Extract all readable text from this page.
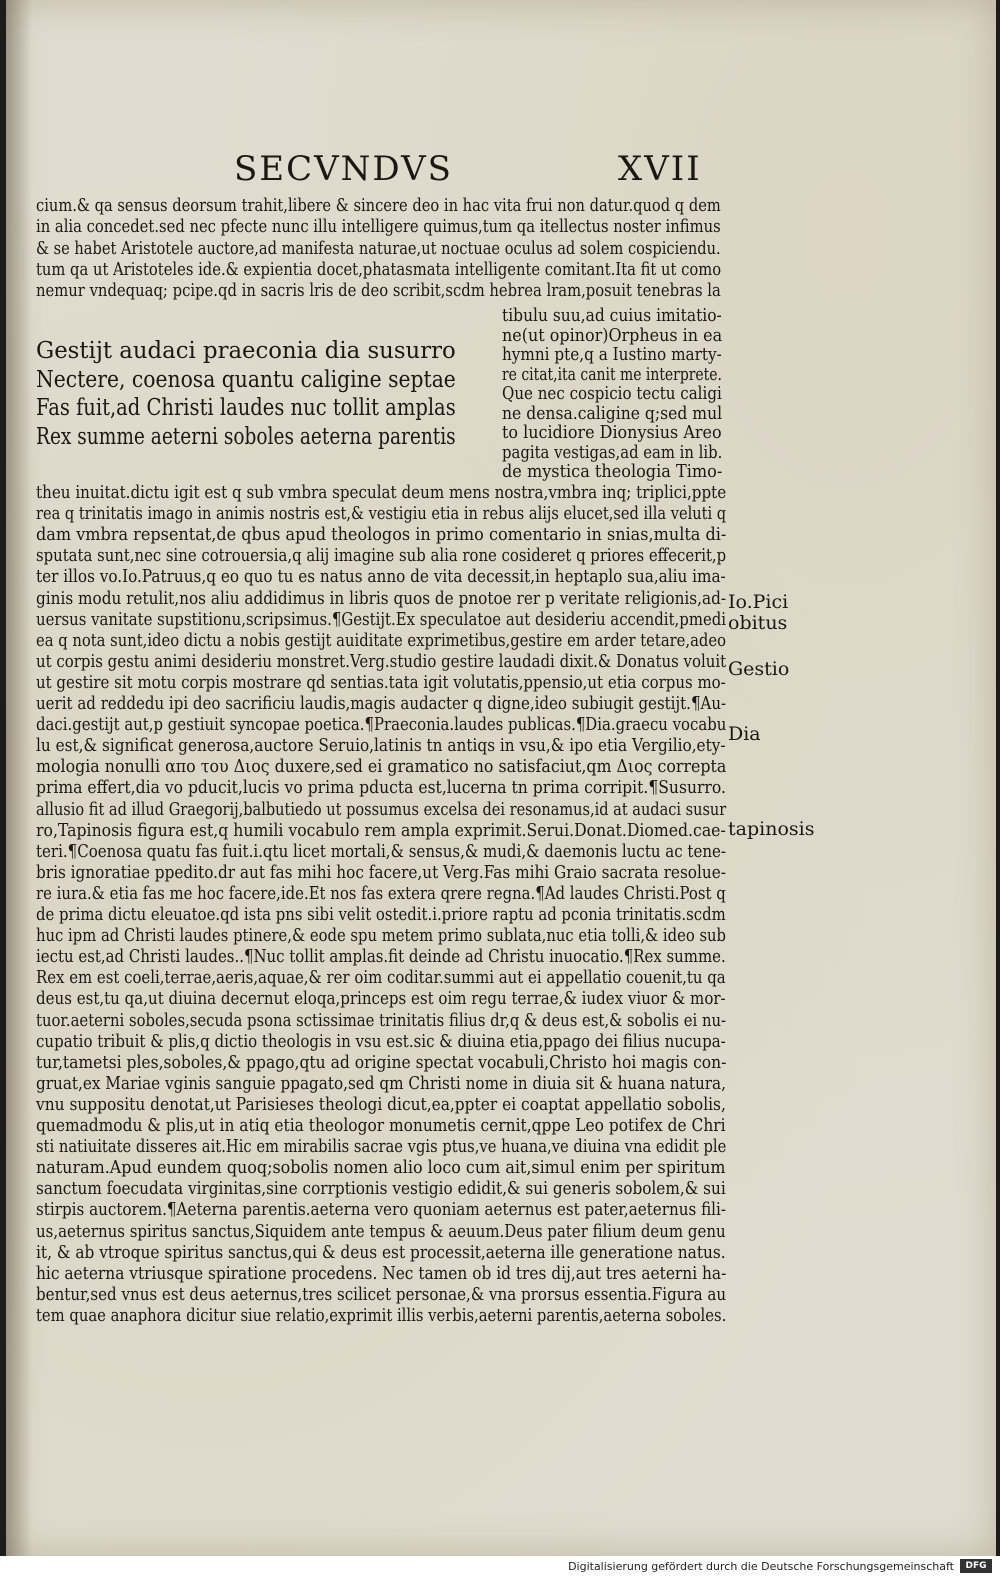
SECVNDVS	XVII
cium.& qa sensus deorsum trahit,libere & sincere deo in hac vita frui non datur.quod q dem
in alia concedet.sed nec pfecte nunc illu intelligere quimus,tum qa itellectus noster infimus
& se habet Aristotele auctore,ad manifesta naturae,ut noctuae oculus ad solem cospiciendu.
tum qa ut Aristoteles ide.& expientia docet,phatasmata intelligente comitant.Ita fit ut como
nemur vndequaq; pcipe.qd in sacris lris de deo scribit,scdm hebrea lram,posuit tenebras la
Gestijt audaci praeconia dia susurro
Nectere, coenosa quantu caligine septae
Fas fuit,ad Christi laudes nuc tollit amplas
Rex summe aeterni soboles aeterna parentis
tibulu suu,ad cuius imitatio-
ne(ut opinor)Orpheus in ea
hymni pte,q a Iustino marty-
re citat,ita canit me interprete.
Que nec cospicio tectu caligi
ne densa.caligine q;sed mul
to lucidiore Dionysius Areo
pagita vestigas,ad eam in lib.
de mystica theologia Timo-
theu inuitat.dictu igit est q sub vmbra speculat deum mens nostra,vmbra inq; triplici,ppte
rea q trinitatis imago in animis nostris est,& vestigiu etia in rebus alijs elucet,sed illa veluti q
dam vmbra repsentat,de qbus apud theologos in primo comentario in snias,multa di-
sputata sunt,nec sine cotrouersia,q alij imagine sub alia rone cosideret q priores effecerit,p
ter illos vo.Io.Patruus,q eo quo tu es natus anno de vita decessit,in heptaplo sua,aliu ima-
ginis modu retulit,nos aliu addidimus in libris quos de pnotoe rer p veritate religionis,ad-
uersus vanitate supstitionu,scripsimus.¶Gestijt.Ex speculatoe aut desideriu accendit,pmedi
ea q nota sunt,ideo dictu a nobis gestijt auiditate exprimetibus,gestire em arder tetare,adeo
ut corpis gestu animi desideriu monstret.Verg.studio gestire laudadi dixit.& Donatus voluit
ut gestire sit motu corpis mostrare qd sentias.tata igit volutatis,ppensio,ut etia corpus mo-
uerit ad reddedu ipi deo sacrificiu laudis,magis audacter q digne,ideo subiugit gestijt.¶Au-
daci.gestijt aut,p gestiuit syncopae poetica.¶Praeconia.laudes publicas.¶Dia.graecu vocabu
lu est,& significat generosa,auctore Seruio,latinis tn antiqs in vsu,& ipo etia Vergilio,ety-
mologia nonulli απο του Διος duxere,sed ei gramatico no satisfaciut,qm Διος correpta
prima effert,dia vo pducit,lucis vo prima pducta est,lucerna tn prima corripit.¶Susurro.
allusio fit ad illud Graegorij,balbutiedo ut possumus excelsa dei resonamus,id at audaci susur
ro,Tapinosis figura est,q humili vocabulo rem ampla exprimit.Serui.Donat.Diomed.cae-
teri.¶Coenosa quatu fas fuit.i.qtu licet mortali,& sensus,& mudi,& daemonis luctu ac tene-
bris ignoratiae ppedito.dr aut fas mihi hoc facere,ut Verg.Fas mihi Graio sacrata resolue-
re iura.& etia fas me hoc facere,ide.Et nos fas extera qrere regna.¶Ad laudes Christi.Post q
de prima dictu eleuatoe.qd ista pns sibi velit ostedit.i.priore raptu ad pconia trinitatis.scdm
huc ipm ad Christi laudes ptinere,& eode spu metem primo sublata,nuc etia tolli,& ideo sub
iectu est,ad Christi laudes..¶Nuc tollit amplas.fit deinde ad Christu inuocatio.¶Rex summe.
Rex em est coeli,terrae,aeris,aquae,& rer oim coditar.summi aut ei appellatio couenit,tu qa
deus est,tu qa,ut diuina decernut eloqa,princeps est oim regu terrae,& iudex viuor & mor-
tuor.aeterni soboles,secuda psona sctissimae trinitatis filius dr,q & deus est,& sobolis ei nu-
cupatio tribuit & plis,q dictio theologis in vsu est.sic & diuina etia,ppago dei filius nucupa-
tur,tametsi ples,soboles,& ppago,qtu ad origine spectat vocabuli,Christo hoi magis con-
gruat,ex Mariae vginis sanguie ppagato,sed qm Christi nome in diuia sit & huana natura,
vnu suppositu denotat,ut Parisieses theologi dicut,ea,ppter ei coaptat appellatio sobolis,
quemadmodu & plis,ut in atiq etia theologor monumetis cernit,qppe Leo potifex de Chri
sti natiuitate disseres ait.Hic em mirabilis sacrae vgis ptus,ve huana,ve diuina vna edidit ple
naturam.Apud eundem quoq;sobolis nomen alio loco cum ait,simul enim per spiritum
sanctum foecudata virginitas,sine corrptionis vestigio edidit,& sui generis sobolem,& sui
stirpis auctorem.¶Aeterna parentis.aeterna vero quoniam aeternus est pater,aeternus fili-
us,aeternus spiritus sanctus,Siquidem ante tempus & aeuum.Deus pater filium deum genu
it, & ab vtroque spiritus sanctus,qui & deus est processit,aeterna ille generatione natus.
hic aeterna vtriusque spiratione procedens. Nec tamen ob id tres dij,aut tres aeterni ha-
bentur,sed vnus est deus aeternus,tres scilicet personae,& vna prorsus essentia.Figura au
tem quae anaphora dicitur siue relatio,exprimit illis verbis,aeterni parentis,aeterna soboles.
Io.Pici
obitus
Gestio
Dia
tapinosis
Digitalisierung gefördert durch die Deutsche Forschungsgemeinschaft	DFG
